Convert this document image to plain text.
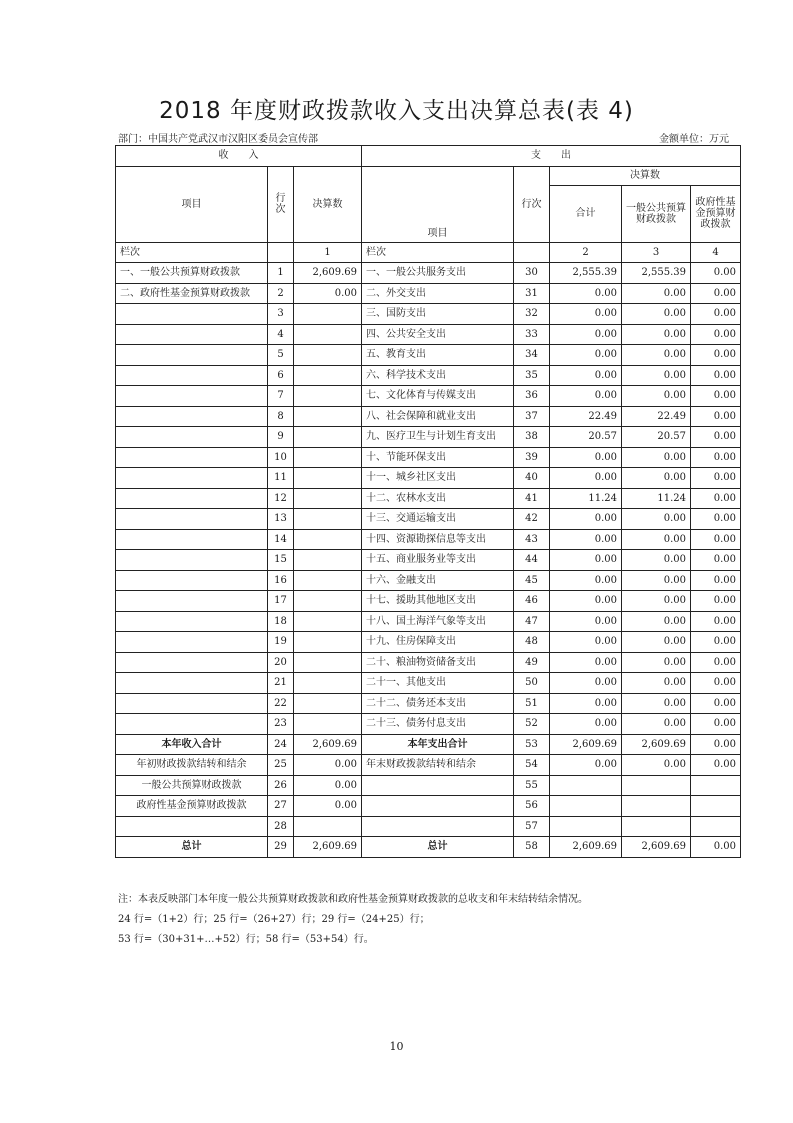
2018 年度财政拨款收入支出决算总表(表 4)
部门：中国共产党武汉市汉阳区委员会宣传部	金额单位：万元
收　　入			支　　出				
项目	行次	决算数	项目	行次	决算数		
					合计	一般公共预算财政拨款	政府性基金预算财政拨款
栏次		1	栏次		2	3	4
一、一般公共预算财政拨款	1	2,609.69	一、一般公共服务支出	30	2,555.39	2,555.39	0.00
二、政府性基金预算财政拨款	2	0.00	二、外交支出	31	0.00	0.00	0.00
	3		三、国防支出	32	0.00	0.00	0.00
	4		四、公共安全支出	33	0.00	0.00	0.00
	5		五、教育支出	34	0.00	0.00	0.00
	6		六、科学技术支出	35	0.00	0.00	0.00
	7		七、文化体育与传媒支出	36	0.00	0.00	0.00
	8		八、社会保障和就业支出	37	22.49	22.49	0.00
	9		九、医疗卫生与计划生育支出	38	20.57	20.57	0.00
	10		十、节能环保支出	39	0.00	0.00	0.00
	11		十一、城乡社区支出	40	0.00	0.00	0.00
	12		十二、农林水支出	41	11.24	11.24	0.00
	13		十三、交通运输支出	42	0.00	0.00	0.00
	14		十四、资源勘探信息等支出	43	0.00	0.00	0.00
	15		十五、商业服务业等支出	44	0.00	0.00	0.00
	16		十六、金融支出	45	0.00	0.00	0.00
	17		十七、援助其他地区支出	46	0.00	0.00	0.00
	18		十八、国土海洋气象等支出	47	0.00	0.00	0.00
	19		十九、住房保障支出	48	0.00	0.00	0.00
	20		二十、粮油物资储备支出	49	0.00	0.00	0.00
	21		二十一、其他支出	50	0.00	0.00	0.00
	22		二十二、债务还本支出	51	0.00	0.00	0.00
	23		二十三、债务付息支出	52	0.00	0.00	0.00
本年收入合计	24	2,609.69	本年支出合计	53	2,609.69	2,609.69	0.00
年初财政拨款结转和结余	25	0.00	年末财政拨款结转和结余	54	0.00	0.00	0.00
一般公共预算财政拨款	26	0.00		55			
政府性基金预算财政拨款	27	0.00		56			
	28			57			
总计	29	2,609.69	总计	58	2,609.69	2,609.69	0.00
注：本表反映部门本年度一般公共预算财政拨款和政府性基金预算财政拨款的总收支和年末结转结余情况。
24 行=（1+2）行；25 行=（26+27）行；29 行=（24+25）行；
53 行=（30+31+…+52）行；58 行=（53+54）行。
10
